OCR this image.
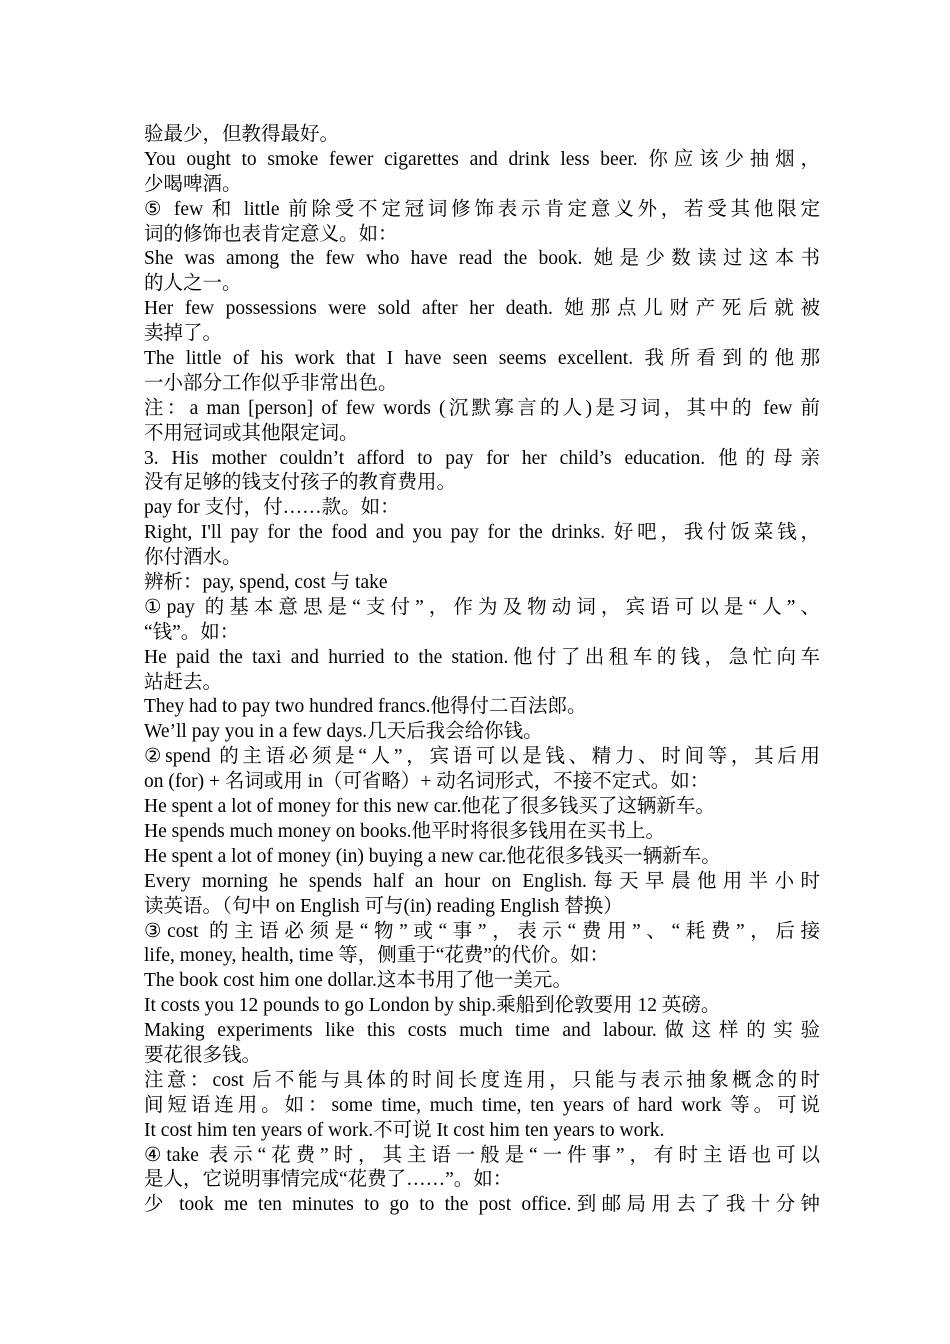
验最少，但教得最好。
You ought to smoke fewer cigarettes and drink less beer. 你应该少抽烟，
少喝啤酒。
⑤ few 和 little 前除受不定冠词修饰表示肯定意义外，若受其他限定
词的修饰也表肯定意义。如：
She was among the few who have read the book. 她是少数读过这本书
的人之一。
Her few possessions were sold after her death. 她那点儿财产死后就被
卖掉了。
The little of his work that I have seen seems excellent. 我所看到的他那
一小部分工作似乎非常出色。
注：a man [person] of few words (沉默寡言的人)是习词，其中的 few 前
不用冠词或其他限定词。
3. His mother couldn’t afford to pay for her child’s education. 他的母亲
没有足够的钱支付孩子的教育费用。
pay for 支付，付……款。如：
Right, I'll pay for the food and you pay for the drinks. 好吧，我付饭菜钱，
你付酒水。
辨析：pay, spend, cost 与 take
①pay 的基本意思是“支付”，作为及物动词，宾语可以是“人”、
“钱”。如：
He paid the taxi and hurried to the station.他付了出租车的钱，急忙向车
站赶去。
They had to pay two hundred francs.他得付二百法郎。
We’ll pay you in a few days.几天后我会给你钱。
②spend 的主语必须是“人”，宾语可以是钱、精力、时间等，其后用
on (for) + 名词或用 in（可省略）+ 动名词形式，不接不定式。如：
He spent a lot of money for this new car.他花了很多钱买了这辆新车。
He spends much money on books.他平时将很多钱用在买书上。
He spent a lot of money (in) buying a new car.他花很多钱买一辆新车。
Every morning he spends half an hour on English.每天早晨他用半小时
读英语。（句中 on English 可与(in) reading English 替换）
③cost 的主语必须是“物”或“事”，表示“费用”、“耗费”，后接
life, money, health, time 等，侧重于“花费”的代价。如：
The book cost him one dollar.这本书用了他一美元。
It costs you 12 pounds to go London by ship.乘船到伦敦要用 12 英磅。
Making experiments like this costs much time and labour.做这样的实验
要花很多钱。
注意：cost 后不能与具体的时间长度连用，只能与表示抽象概念的时
间短语连用。如：some time, much time, ten years of hard work 等。可说
It cost him ten years of work.不可说 It cost him ten years to work.
④take 表示“花费”时，其主语一般是“一件事”，有时主语也可以
是人，它说明事情完成“花费了……”。如：
少 took me ten minutes to go to the post office.到邮局用去了我十分钟
